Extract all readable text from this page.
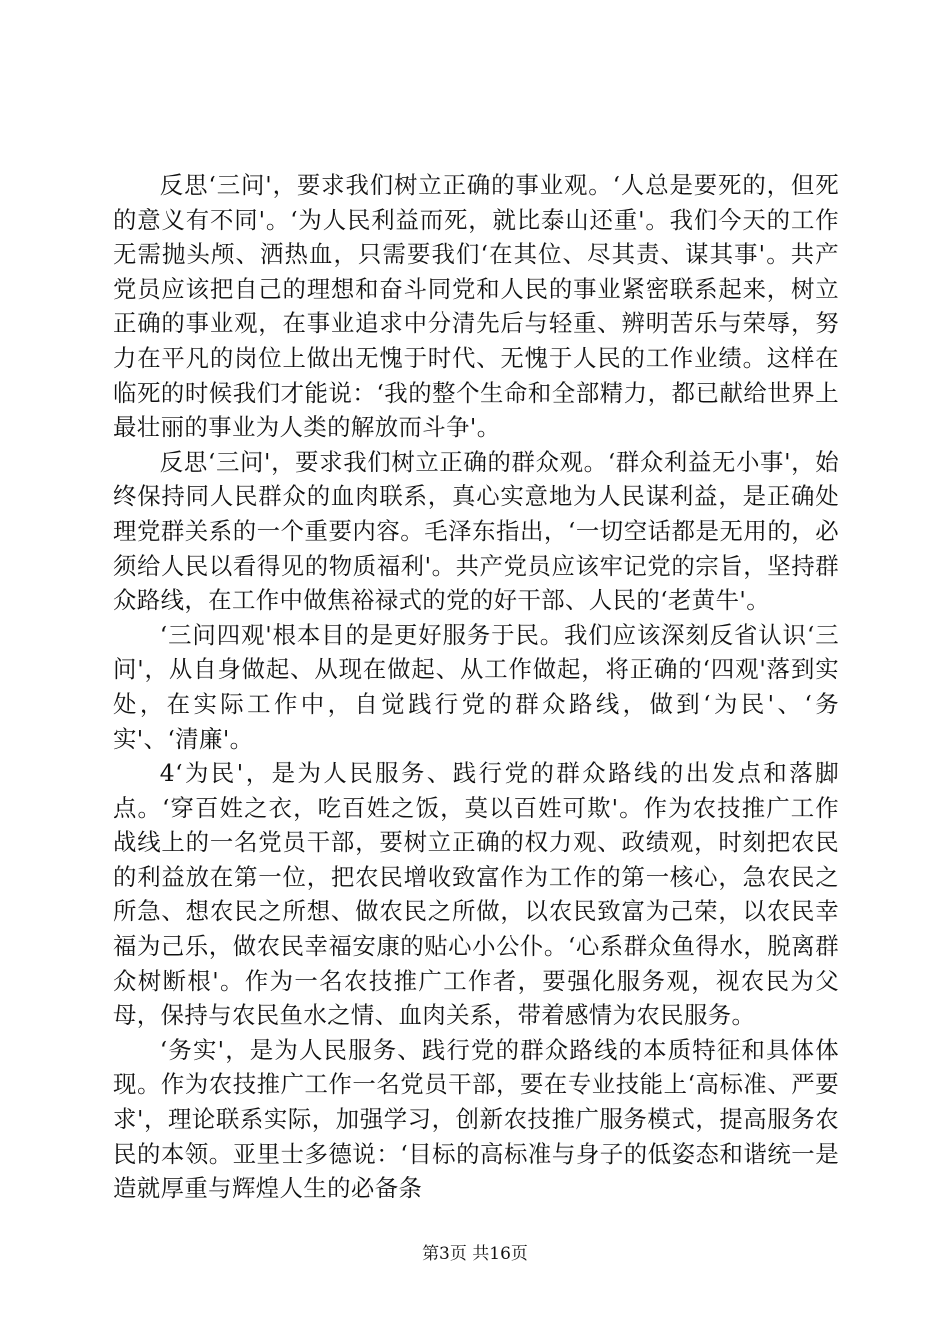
反思‘三问'，要求我们树立正确的事业观。‘人总是要死的，但死的意义有不同'。‘为人民利益而死，就比泰山还重'。我们今天的工作无需抛头颅、洒热血，只需要我们‘在其位、尽其责、谋其事'。共产党员应该把自己的理想和奋斗同党和人民的事业紧密联系起来，树立正确的事业观，在事业追求中分清先后与轻重、辨明苦乐与荣辱，努力在平凡的岗位上做出无愧于时代、无愧于人民的工作业绩。这样在临死的时候我们才能说：‘我的整个生命和全部精力，都已献给世界上最壮丽的事业为人类的解放而斗争'。

反思‘三问'，要求我们树立正确的群众观。‘群众利益无小事'，始终保持同人民群众的血肉联系，真心实意地为人民谋利益，是正确处理党群关系的一个重要内容。毛泽东指出，‘一切空话都是无用的，必须给人民以看得见的物质福利'。共产党员应该牢记党的宗旨，坚持群众路线，在工作中做焦裕禄式的党的好干部、人民的‘老黄牛'。

‘三问四观'根本目的是更好服务于民。我们应该深刻反省认识‘三问'，从自身做起、从现在做起、从工作做起，将正确的‘四观'落到实处，在实际工作中，自觉践行党的群众路线，做到‘为民'、‘务实'、‘清廉'。

4‘为民'，是为人民服务、践行党的群众路线的出发点和落脚点。‘穿百姓之衣，吃百姓之饭，莫以百姓可欺'。作为农技推广工作战线上的一名党员干部，要树立正确的权力观、政绩观，时刻把农民的利益放在第一位，把农民增收致富作为工作的第一核心，急农民之所急、想农民之所想、做农民之所做，以农民致富为己荣，以农民幸福为己乐，做农民幸福安康的贴心小公仆。‘心系群众鱼得水，脱离群众树断根'。作为一名农技推广工作者，要强化服务观，视农民为父母，保持与农民鱼水之情、血肉关系，带着感情为农民服务。

‘务实'，是为人民服务、践行党的群众路线的本质特征和具体体现。作为农技推广工作一名党员干部，要在专业技能上‘高标准、严要求'，理论联系实际，加强学习，创新农技推广服务模式，提高服务农民的本领。亚里士多德说：‘目标的高标准与身子的低姿态和谐统一是造就厚重与辉煌人生的必备条

第3页 共16页
